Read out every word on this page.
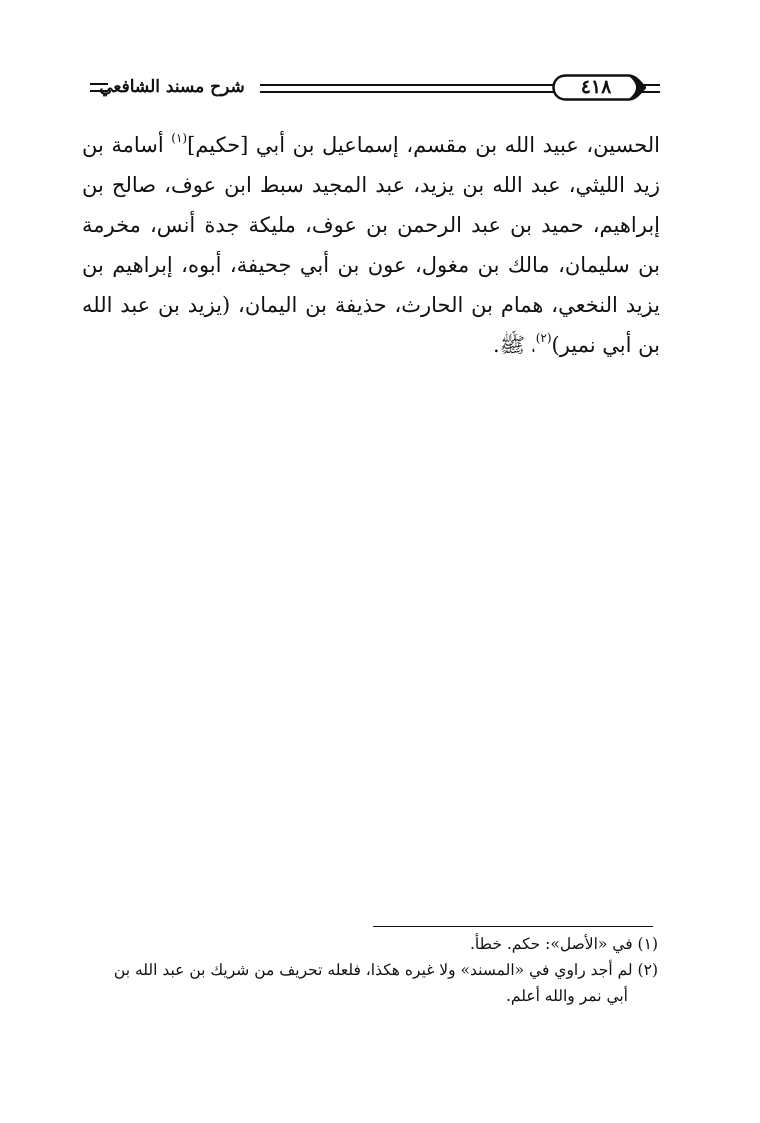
شرح مسند الشافعي	٤١٨
الحسين، عبيد الله بن مقسم، إسماعيل بن أبي [حكيم]$^{(١)}$ أسامة بن زيد الليثي، عبد الله بن يزيد، عبد المجيد سبط ابن عوف، صالح بن إبراهيم، حميد بن عبد الرحمن بن عوف، مليكة جدة أنس، مخرمة بن سليمان، مالك بن مغول، عون بن أبي جحيفة، أبوه، إبراهيم بن يزيد النخعي، همام بن الحارث، حذيفة بن اليمان، (يزيد بن عبد الله بن أبي نمير)$^{(٢)}$، ﷺ.

(١) في «الأصل»: حكم. خطأ.

(٢) لم أجد راوي في «المسند» ولا غيره هكذا، فلعله تحريف من شريك بن عبد الله بن

أبي نمر والله أعلم.
